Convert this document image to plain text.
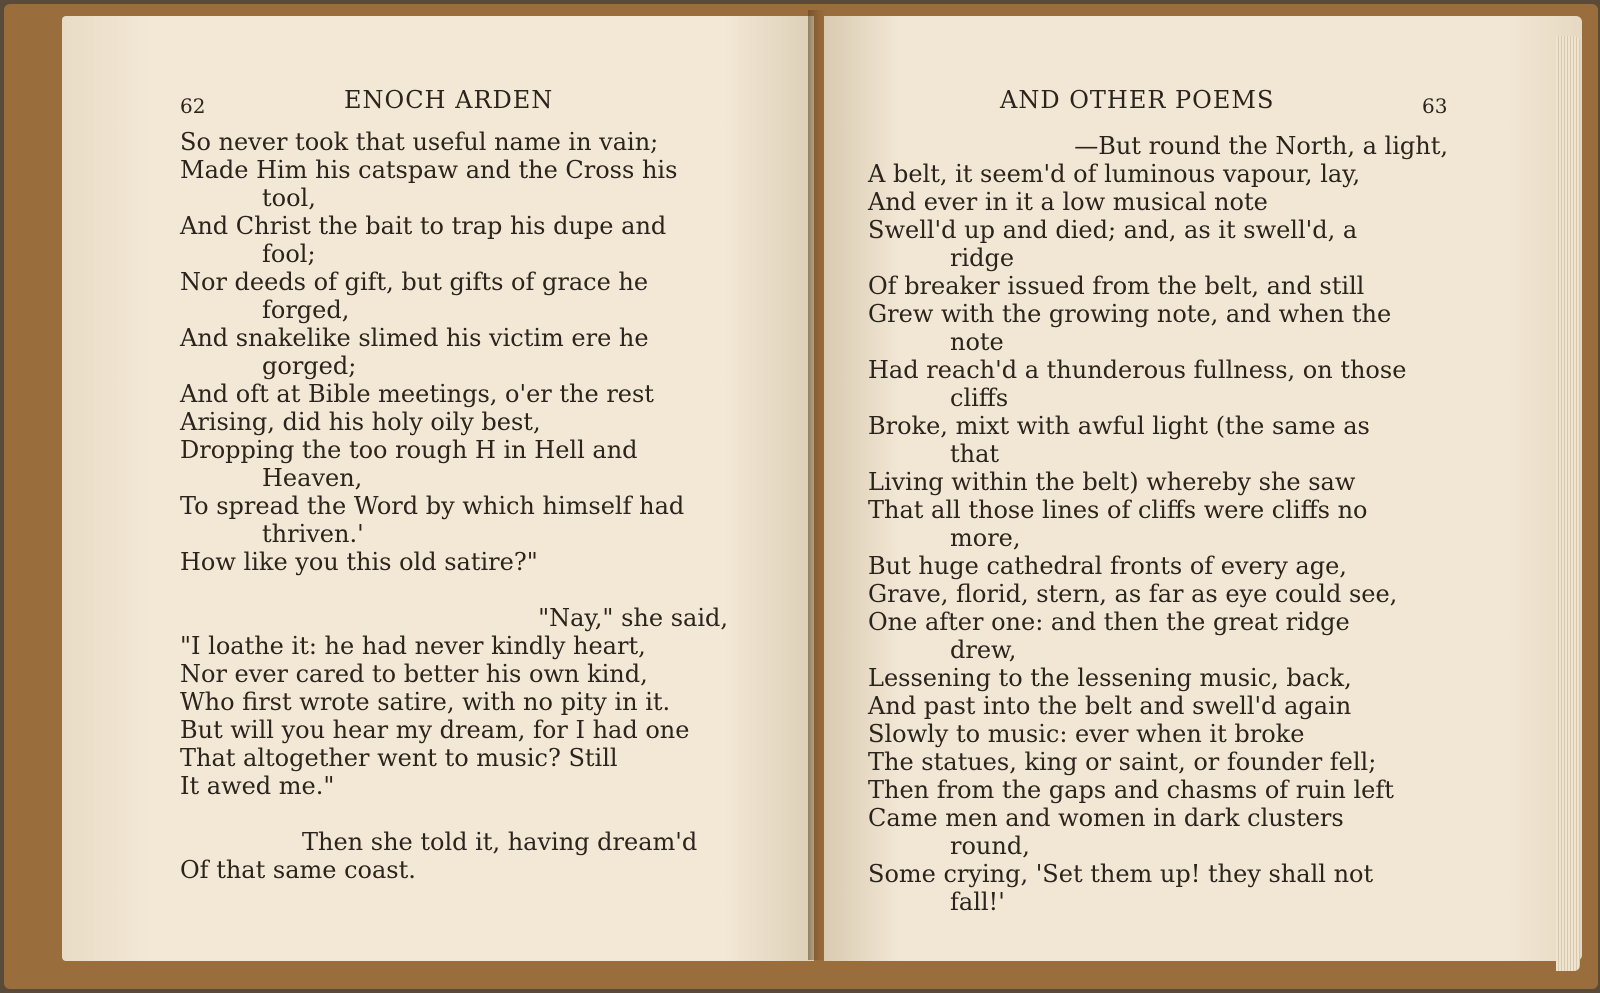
62	ENOCH ARDEN
So never took that useful name in vain;
Made Him his catspaw and the Cross his
tool,
And Christ the bait to trap his dupe and
fool;
Nor deeds of gift, but gifts of grace he
forged,
And snakelike slimed his victim ere he
gorged;
And oft at Bible meetings, o'er the rest
Arising, did his holy oily best,
Dropping the too rough H in Hell and
Heaven,
To spread the Word by which himself had
thriven.'
How like you this old satire?"
"Nay," she said,
"I loathe it: he had never kindly heart,
Nor ever cared to better his own kind,
Who first wrote satire, with no pity in it.
But will you hear my dream, for I had one
That altogether went to music? Still
It awed me."
Then she told it, having dream'd
Of that same coast.
AND OTHER POEMS	63
—But round the North, a light,
A belt, it seem'd of luminous vapour, lay,
And ever in it a low musical note
Swell'd up and died; and, as it swell'd, a
ridge
Of breaker issued from the belt, and still
Grew with the growing note, and when the
note
Had reach'd a thunderous fullness, on those
cliffs
Broke, mixt with awful light (the same as
that
Living within the belt) whereby she saw
That all those lines of cliffs were cliffs no
more,
But huge cathedral fronts of every age,
Grave, florid, stern, as far as eye could see,
One after one: and then the great ridge
drew,
Lessening to the lessening music, back,
And past into the belt and swell'd again
Slowly to music: ever when it broke
The statues, king or saint, or founder fell;
Then from the gaps and chasms of ruin left
Came men and women in dark clusters
round,
Some crying, 'Set them up! they shall not
fall!'
